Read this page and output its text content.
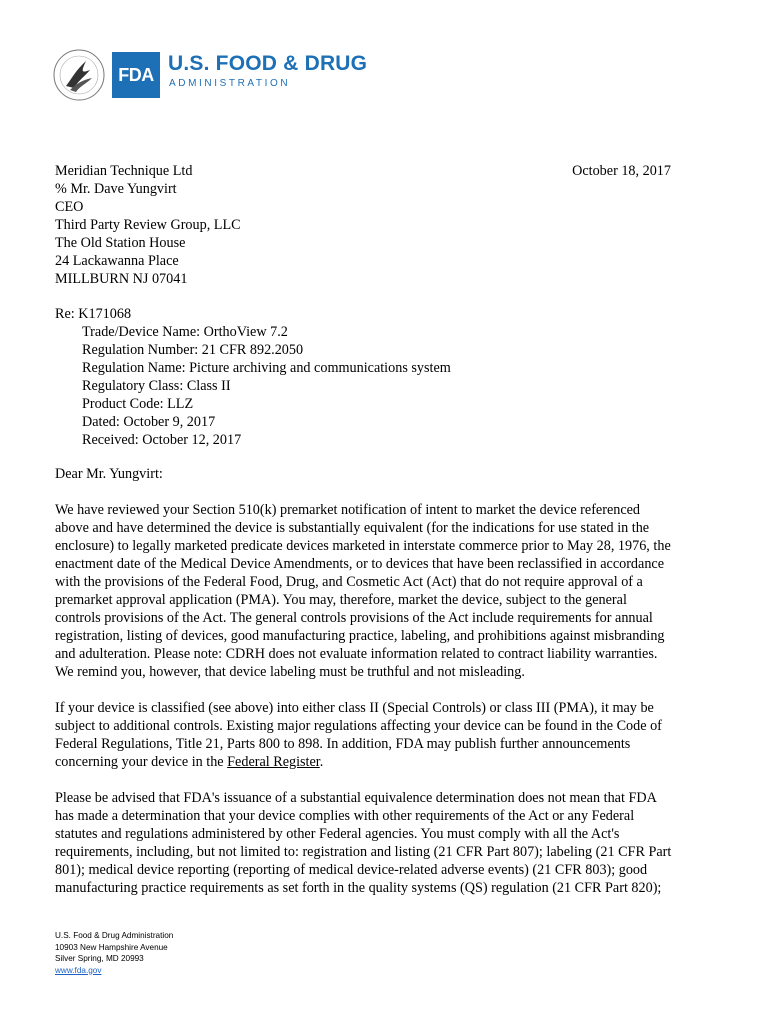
FDA U.S. FOOD & DRUG
ADMINISTRATION
October 18, 2017
Meridian Technique Ltd
% Mr. Dave Yungvirt
CEO
Third Party Review Group, LLC
The Old Station House
24 Lackawanna Place
MILLBURN NJ 07041
Re: K171068
Trade/Device Name: OrthoView 7.2
Regulation Number: 21 CFR 892.2050
Regulation Name: Picture archiving and communications system
Regulatory Class: Class II
Product Code: LLZ
Dated: October 9, 2017
Received: October 12, 2017
Dear Mr. Yungvirt:
We have reviewed your Section 510(k) premarket notification of intent to market the device referenced
above and have determined the device is substantially equivalent (for the indications for use stated in the
enclosure) to legally marketed predicate devices marketed in interstate commerce prior to May 28, 1976, the
enactment date of the Medical Device Amendments, or to devices that have been reclassified in accordance
with the provisions of the Federal Food, Drug, and Cosmetic Act (Act) that do not require approval of a
premarket approval application (PMA). You may, therefore, market the device, subject to the general
controls provisions of the Act. The general controls provisions of the Act include requirements for annual
registration, listing of devices, good manufacturing practice, labeling, and prohibitions against misbranding
and adulteration. Please note: CDRH does not evaluate information related to contract liability warranties.
We remind you, however, that device labeling must be truthful and not misleading.
If your device is classified (see above) into either class II (Special Controls) or class III (PMA), it may be
subject to additional controls. Existing major regulations affecting your device can be found in the Code of
Federal Regulations, Title 21, Parts 800 to 898. In addition, FDA may publish further announcements
concerning your device in the Federal Register.
Please be advised that FDA's issuance of a substantial equivalence determination does not mean that FDA
has made a determination that your device complies with other requirements of the Act or any Federal
statutes and regulations administered by other Federal agencies. You must comply with all the Act's
requirements, including, but not limited to: registration and listing (21 CFR Part 807); labeling (21 CFR Part
801); medical device reporting (reporting of medical device-related adverse events) (21 CFR 803); good
manufacturing practice requirements as set forth in the quality systems (QS) regulation (21 CFR Part 820);
U.S. Food & Drug Administration
10903 New Hampshire Avenue
Silver Spring, MD 20993
www.fda.gov
